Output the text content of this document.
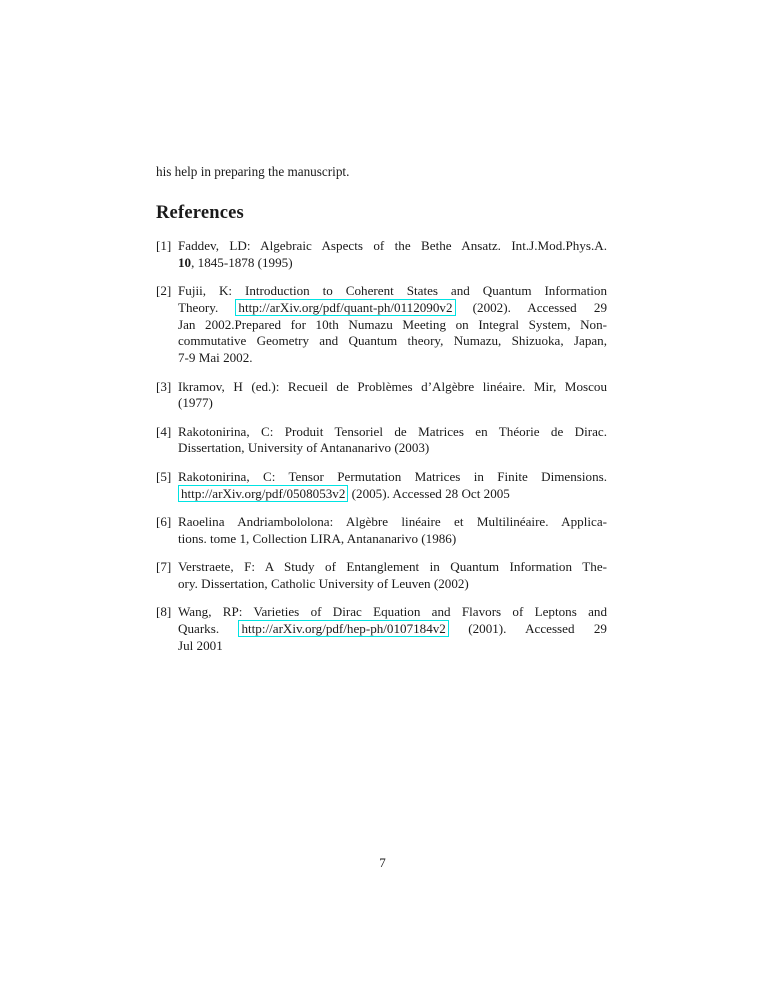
his help in preparing the manuscript.

References
[1] Faddev, LD: Algebraic Aspects of the Bethe Ansatz. Int.J.Mod.Phys.A.
10, 1845-1878 (1995)
[2] Fujii, K: Introduction to Coherent States and Quantum Information
Theory. http://arXiv.org/pdf/quant-ph/0112090v2 (2002). Accessed 29
Jan 2002.Prepared for 10th Numazu Meeting on Integral System, Non-
commutative Geometry and Quantum theory, Numazu, Shizuoka, Japan,
7-9 Mai 2002.
[3] Ikramov, H (ed.): Recueil de Problèmes d’Algèbre linéaire. Mir, Moscou
(1977)
[4] Rakotonirina, C: Produit Tensoriel de Matrices en Théorie de Dirac.
Dissertation, University of Antananarivo (2003)
[5] Rakotonirina, C: Tensor Permutation Matrices in Finite Dimensions.
http://arXiv.org/pdf/0508053v2 (2005). Accessed 28 Oct 2005
[6] Raoelina Andriambololona: Algèbre linéaire et Multilinéaire. Applica-
tions. tome 1, Collection LIRA, Antananarivo (1986)
[7] Verstraete, F: A Study of Entanglement in Quantum Information The-
ory. Dissertation, Catholic University of Leuven (2002)
[8] Wang, RP: Varieties of Dirac Equation and Flavors of Leptons and
Quarks. http://arXiv.org/pdf/hep-ph/0107184v2 (2001). Accessed 29
Jul 2001
7
